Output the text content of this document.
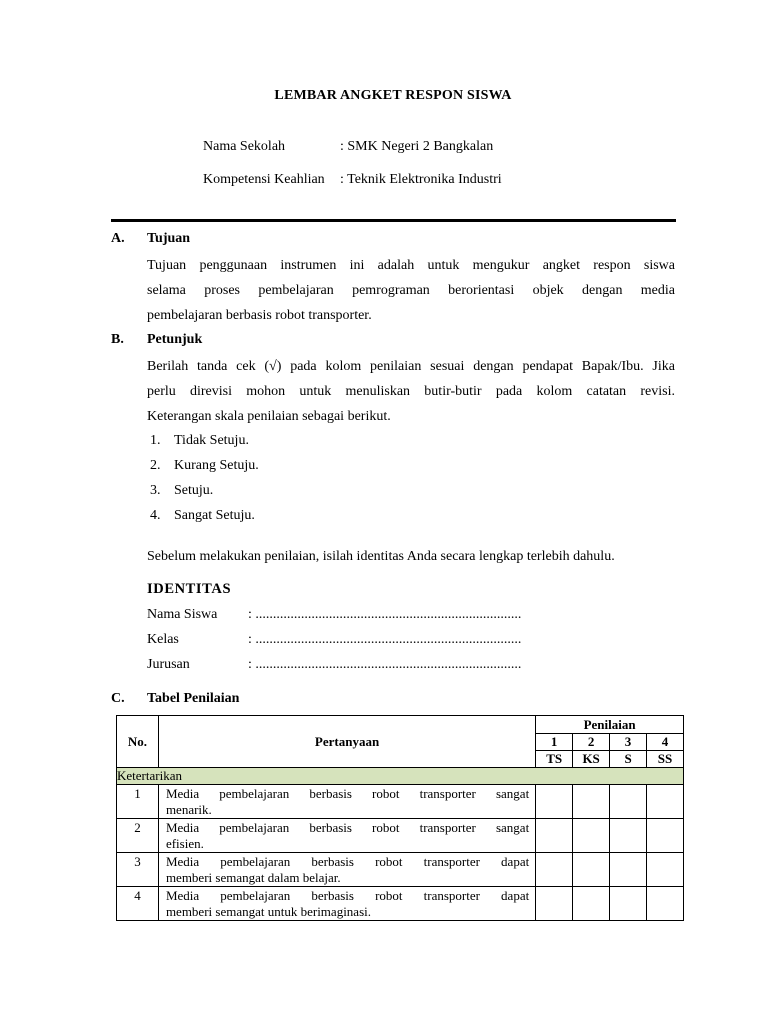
LEMBAR ANGKET RESPON SISWA
Nama Sekolah	: SMK Negeri 2 Bangkalan
Kompetensi Keahlian : Teknik Elektronika Industri
A. Tujuan
Tujuan penggunaan instrumen ini adalah untuk mengukur angket respon siswa
selama proses pembelajaran pemrograman berorientasi objek dengan media
pembelajaran berbasis robot transporter.
B. Petunjuk
Berilah tanda cek (√) pada kolom penilaian sesuai dengan pendapat Bapak/Ibu. Jika
perlu direvisi mohon untuk menuliskan butir-butir pada kolom catatan revisi.
Keterangan skala penilaian sebagai berikut.
1. Tidak Setuju.
2. Kurang Setuju.
3. Setuju.
4. Sangat Setuju.
Sebelum melakukan penilaian, isilah identitas Anda secara lengkap terlebih dahulu.
IDENTITAS
Nama Siswa : ............................................................................
Kelas	: ............................................................................
Jurusan	: ............................................................................
C. Tabel Penilaian
No.	Pertanyaan	Penilaian			
		1	2	3	4
		TS	KS	S	SS
Ketertarikan					
1	Media pembelajaran berbasis robot transporter sangat
menarik.				
2	Media pembelajaran berbasis robot transporter sangat
efisien.				
3	Media pembelajaran berbasis robot transporter dapat
memberi semangat dalam belajar.				
4	Media pembelajaran berbasis robot transporter dapat
memberi semangat untuk berimaginasi.				
